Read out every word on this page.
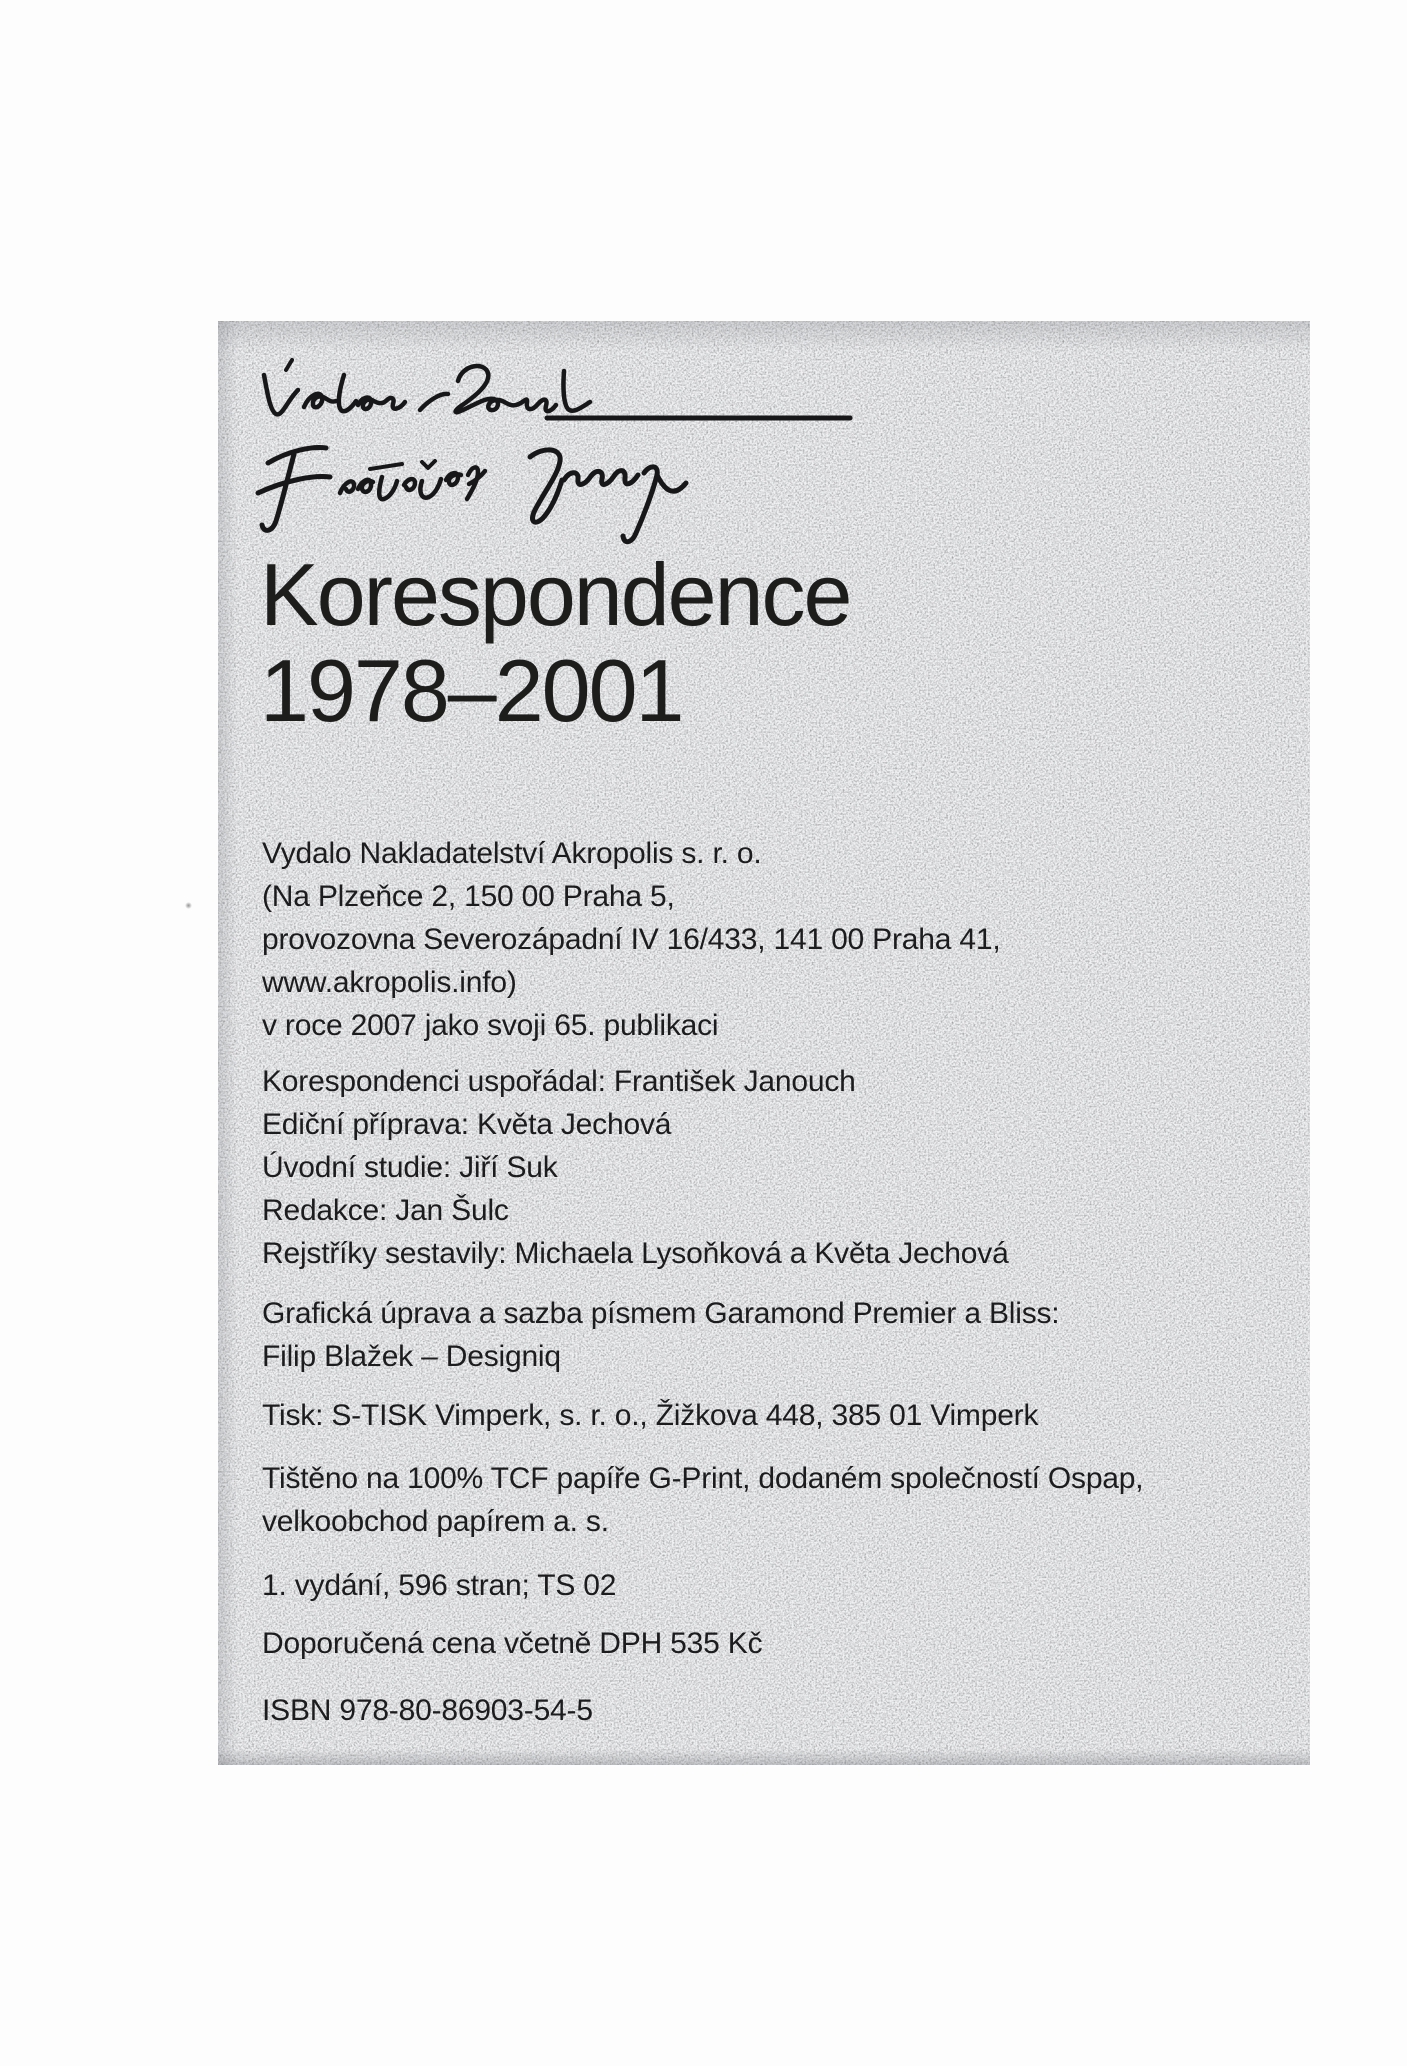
Korespondence
1978–2001
Vydalo Nakladatelství Akropolis s. r. o.
(Na Plzeňce 2, 150 00 Praha 5,
provozovna Severozápadní IV 16/433, 141 00 Praha 41,
www.akropolis.info)
v roce 2007 jako svoji 65. publikaci
Korespondenci uspořádal: František Janouch
Ediční příprava: Květa Jechová
Úvodní studie: Jiří Suk
Redakce: Jan Šulc
Rejstříky sestavily: Michaela Lysoňková a Květa Jechová
Grafická úprava a sazba písmem Garamond Premier a Bliss:
Filip Blažek – Designiq
Tisk: S-TISK Vimperk, s. r. o., Žižkova 448, 385 01 Vimperk
Tištěno na 100% TCF papíře G-Print, dodaném společností Ospap,
velkoobchod papírem a. s.
1. vydání, 596 stran; TS 02
Doporučená cena včetně DPH 535 Kč
ISBN 978-80-86903-54-5
